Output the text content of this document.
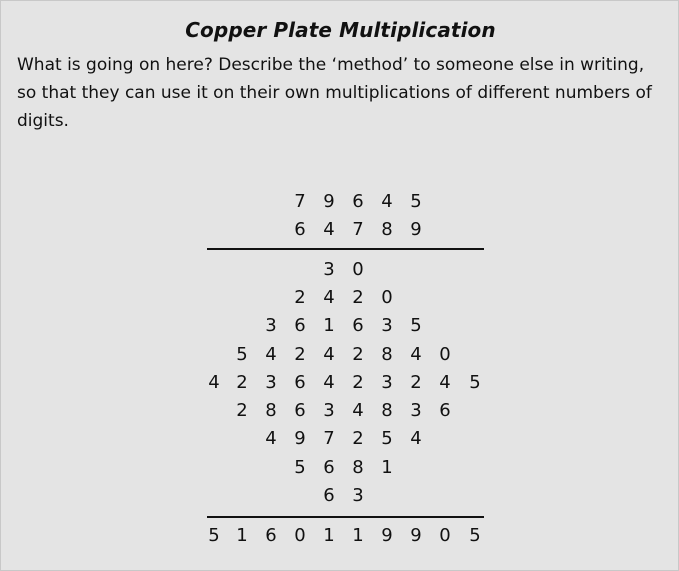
Copper Plate Multiplication
What is going on here? Describe the ‘method’ to someone else in writing,
so that they can use it on their own multiplications of different numbers of
digits.
7 9 6 4 5
6 4 7 8 9
3 0
2 4 2 0
3 6 1 6 3 5
5 4 2 4 2 8 4 0
4 2 3 6 4 2 3 2 4 5
2 8 6 3 4 8 3 6
4 9 7 2 5 4
5 6 8 1
6 3
5 1 6 0 1 1 9 9 0 5
